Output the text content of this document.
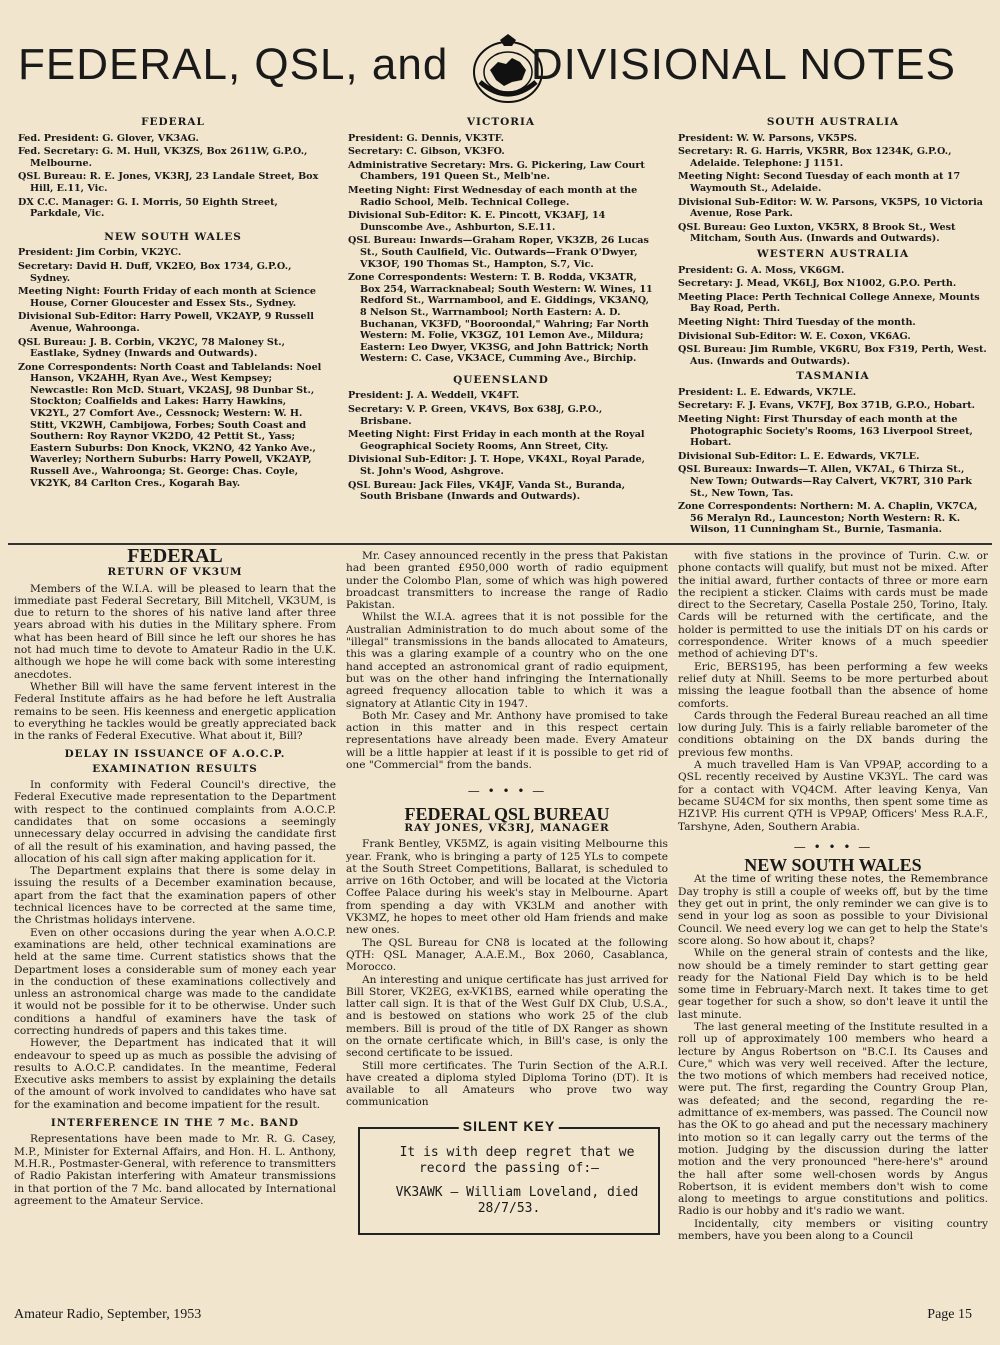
FEDERAL, QSL, and DIVISIONAL NOTES
FEDERAL

Fed. President: G. Glover, VK3AG.

Fed. Secretary: G. M. Hull, VK3ZS, Box 2611W, G.P.O., Melbourne.

QSL Bureau: R. E. Jones, VK3RJ, 23 Landale Street, Box Hill, E.11, Vic.

DX C.C. Manager: G. I. Morris, 50 Eighth Street, Parkdale, Vic.

NEW SOUTH WALES

President: Jim Corbin, VK2YC.

Secretary: David H. Duff, VK2EO, Box 1734, G.P.O., Sydney.

Meeting Night: Fourth Friday of each month at Science House, Corner Gloucester and Essex Sts., Sydney.

Divisional Sub-Editor: Harry Powell, VK2AYP, 9 Russell Avenue, Wahroonga.

QSL Bureau: J. B. Corbin, VK2YC, 78 Maloney St., Eastlake, Sydney (Inwards and Outwards).

Zone Correspondents: North Coast and Tablelands: Noel Hanson, VK2AHH, Ryan Ave., West Kempsey; Newcastle: Ron McD. Stuart, VK2ASJ, 98 Dunbar St., Stockton; Coalfields and Lakes: Harry Hawkins, VK2YL, 27 Comfort Ave., Cessnock; Western: W. H. Stitt, VK2WH, Cambijowa, Forbes; South Coast and Southern: Roy Raynor VK2DO, 42 Pettit St., Yass; Eastern Suburbs: Don Knock, VK2NO, 42 Yanko Ave., Waverley; Northern Suburbs: Harry Powell, VK2AYP, Russell Ave., Wahroonga; St. George: Chas. Coyle, VK2YK, 84 Carlton Cres., Kogarah Bay.

VICTORIA

President: G. Dennis, VK3TF.

Secretary: C. Gibson, VK3FO.

Administrative Secretary: Mrs. G. Pickering, Law Court Chambers, 191 Queen St., Melb'ne.

Meeting Night: First Wednesday of each month at the Radio School, Melb. Technical College.

Divisional Sub-Editor: K. E. Pincott, VK3AFJ, 14 Dunscombe Ave., Ashburton, S.E.11.

QSL Bureau: Inwards—Graham Roper, VK3ZB, 26 Lucas St., South Caulfield, Vic. Outwards—Frank O'Dwyer, VK3OF, 190 Thomas St., Hampton, S.7, Vic.

Zone Correspondents: Western: T. B. Rodda, VK3ATR, Box 254, Warracknabeal; South Western: W. Wines, 11 Redford St., Warrnambool, and E. Giddings, VK3ANQ, 8 Nelson St., Warrnambool; North Eastern: A. D. Buchanan, VK3FD, "Booroondal," Wahring; Far North Western: M. Folie, VK3GZ, 101 Lemon Ave., Mildura; Eastern: Leo Dwyer, VK3SG, and John Battrick; North Western: C. Case, VK3ACE, Cumming Ave., Birchip.

QUEENSLAND

President: J. A. Weddell, VK4FT.

Secretary: V. P. Green, VK4VS, Box 638J, G.P.O., Brisbane.

Meeting Night: First Friday in each month at the Royal Geographical Society Rooms, Ann Street, City.

Divisional Sub-Editor: J. T. Hope, VK4XL, Royal Parade, St. John's Wood, Ashgrove.

QSL Bureau: Jack Files, VK4JF, Vanda St., Buranda, South Brisbane (Inwards and Outwards).

SOUTH AUSTRALIA

President: W. W. Parsons, VK5PS.

Secretary: R. G. Harris, VK5RR, Box 1234K, G.P.O., Adelaide. Telephone: J 1151.

Meeting Night: Second Tuesday of each month at 17 Waymouth St., Adelaide.

Divisional Sub-Editor: W. W. Parsons, VK5PS, 10 Victoria Avenue, Rose Park.

QSL Bureau: Geo Luxton, VK5RX, 8 Brook St., West Mitcham, South Aus. (Inwards and Outwards).

WESTERN AUSTRALIA

President: G. A. Moss, VK6GM.

Secretary: J. Mead, VK6LJ, Box N1002, G.P.O. Perth.

Meeting Place: Perth Technical College Annexe, Mounts Bay Road, Perth.

Meeting Night: Third Tuesday of the month.

Divisional Sub-Editor: W. E. Coxon, VK6AG.

QSL Bureau: Jim Rumble, VK6RU, Box F319, Perth, West. Aus. (Inwards and Outwards).

TASMANIA

President: L. E. Edwards, VK7LE.

Secretary: F. J. Evans, VK7FJ, Box 371B, G.P.O., Hobart.

Meeting Night: First Thursday of each month at the Photographic Society's Rooms, 163 Liverpool Street, Hobart.

Divisional Sub-Editor: L. E. Edwards, VK7LE.

QSL Bureaux: Inwards—T. Allen, VK7AL, 6 Thirza St., New Town; Outwards—Ray Calvert, VK7RT, 310 Park St., New Town, Tas.

Zone Correspondents: Northern: M. A. Chaplin, VK7CA, 56 Meralyn Rd., Launceston; North Western: R. K. Wilson, 11 Cunningham St., Burnie, Tasmania.

FEDERAL
RETURN OF VK3UM

Members of the W.I.A. will be pleased to learn that the immediate past Federal Secretary, Bill Mitchell, VK3UM, is due to return to the shores of his native land after three years abroad with his duties in the Military sphere. From what has been heard of Bill since he left our shores he has not had much time to devote to Amateur Radio in the U.K. although we hope he will come back with some interesting anecdotes.

Whether Bill will have the same fervent interest in the Federal Institute affairs as he had before he left Australia remains to be seen. His keenness and energetic application to everything he tackles would be greatly appreciated back in the ranks of Federal Executive. What about it, Bill?

DELAY IN ISSUANCE OF A.O.C.P.
EXAMINATION RESULTS

In conformity with Federal Council's directive, the Federal Executive made representation to the Department with respect to the continued complaints from A.O.C.P. candidates that on some occasions a seemingly unnecessary delay occurred in advising the candidate first of all the result of his examination, and having passed, the allocation of his call sign after making application for it.

The Department explains that there is some delay in issuing the results of a December examination because, apart from the fact that the examination papers of other technical licences have to be corrected at the same time, the Christmas holidays intervene.

Even on other occasions during the year when A.O.C.P. examinations are held, other technical examinations are held at the same time. Current statistics shows that the Department loses a considerable sum of money each year in the conduction of these examinations collectively and unless an astronomical charge was made to the candidate it would not be possible for it to be otherwise. Under such conditions a handful of examiners have the task of correcting hundreds of papers and this takes time.

However, the Department has indicated that it will endeavour to speed up as much as possible the advising of results to A.O.C.P. candidates. In the meantime, Federal Executive asks members to assist by explaining the details of the amount of work involved to candidates who have sat for the examination and become impatient for the result.

INTERFERENCE IN THE 7 Mc. BAND

Representations have been made to Mr. R. G. Casey, M.P., Minister for External Affairs, and Hon. H. L. Anthony, M.H.R., Postmaster-General, with reference to transmitters of Radio Pakistan interfering with Amateur transmissions in that portion of the 7 Mc. band allocated by International agreement to the Amateur Service.

Mr. Casey announced recently in the press that Pakistan had been granted £950,000 worth of radio equipment under the Colombo Plan, some of which was high powered broadcast transmitters to increase the range of Radio Pakistan.

Whilst the W.I.A. agrees that it is not possible for the Australian Administration to do much about some of the "illegal" transmissions in the bands allocated to Amateurs, this was a glaring example of a country who on the one hand accepted an astronomical grant of radio equipment, but was on the other hand infringing the Internationally agreed frequency allocation table to which it was a signatory at Atlantic City in 1947.

Both Mr. Casey and Mr. Anthony have promised to take action in this matter and in this respect certain representations have already been made. Every Amateur will be a little happier at least if it is possible to get rid of one "Commercial" from the bands.

— • • • —
FEDERAL QSL BUREAU
RAY JONES, VK3RJ, MANAGER

Frank Bentley, VK5MZ, is again visiting Melbourne this year. Frank, who is bringing a party of 125 YLs to compete at the South Street Competitions, Ballarat, is scheduled to arrive on 16th October, and will be located at the Victoria Coffee Palace during his week's stay in Melbourne. Apart from spending a day with VK3LM and another with VK3MZ, he hopes to meet other old Ham friends and make new ones.

The QSL Bureau for CN8 is located at the following QTH: QSL Manager, A.A.E.M., Box 2060, Casablanca, Morocco.

An interesting and unique certificate has just arrived for Bill Storer, VK2EG, ex-VK1BS, earned while operating the latter call sign. It is that of the West Gulf DX Club, U.S.A., and is bestowed on stations who work 25 of the club members. Bill is proud of the title of DX Ranger as shown on the ornate certificate which, in Bill's case, is only the second certificate to be issued.

Still more certificates. The Turin Section of the A.R.I. have created a diploma styled Diploma Torino (DT). It is available to all Amateurs who prove two way communication

SILENT KEY

It is with deep regret that we record the passing of:—

VK3AWK — William Loveland, died 28/7/53.

with five stations in the province of Turin. C.w. or phone contacts will qualify, but must not be mixed. After the initial award, further contacts of three or more earn the recipient a sticker. Claims with cards must be made direct to the Secretary, Casella Postale 250, Torino, Italy. Cards will be returned with the certificate, and the holder is permitted to use the initials DT on his cards or correspondence. Writer knows of a much speedier method of achieving DT's.

Eric, BERS195, has been performing a few weeks relief duty at Nhill. Seems to be more perturbed about missing the league football than the absence of home comforts.

Cards through the Federal Bureau reached an all time low during July. This is a fairly reliable barometer of the conditions obtaining on the DX bands during the previous few months.

A much travelled Ham is Van VP9AP, according to a QSL recently received by Austine VK3YL. The card was for a contact with VQ4CM. After leaving Kenya, Van became SU4CM for six months, then spent some time as HZ1VP. His current QTH is VP9AP, Officers' Mess R.A.F., Tarshyne, Aden, Southern Arabia.

— • • • —
NEW SOUTH WALES

At the time of writing these notes, the Remembrance Day trophy is still a couple of weeks off, but by the time they get out in print, the only reminder we can give is to send in your log as soon as possible to your Divisional Council. We need every log we can get to help the State's score along. So how about it, chaps?

While on the general strain of contests and the like, now should be a timely reminder to start getting gear ready for the National Field Day which is to be held some time in February-March next. It takes time to get gear together for such a show, so don't leave it until the last minute.

The last general meeting of the Institute resulted in a roll up of approximately 100 members who heard a lecture by Angus Robertson on "B.C.I. Its Causes and Cure," which was very well received. After the lecture, the two motions of which members had received notice, were put. The first, regarding the Country Group Plan, was defeated; and the second, regarding the re-admittance of ex-members, was passed. The Council now has the OK to go ahead and put the necessary machinery into motion so it can legally carry out the terms of the motion. Judging by the discussion during the latter motion and the very pronounced "here-here's" around the hall after some well-chosen words by Angus Robertson, it is evident members don't wish to come along to meetings to argue constitutions and politics. Radio is our hobby and it's radio we want.

Incidentally, city members or visiting country members, have you been along to a Council

Amateur Radio, September, 1953	Page 15
